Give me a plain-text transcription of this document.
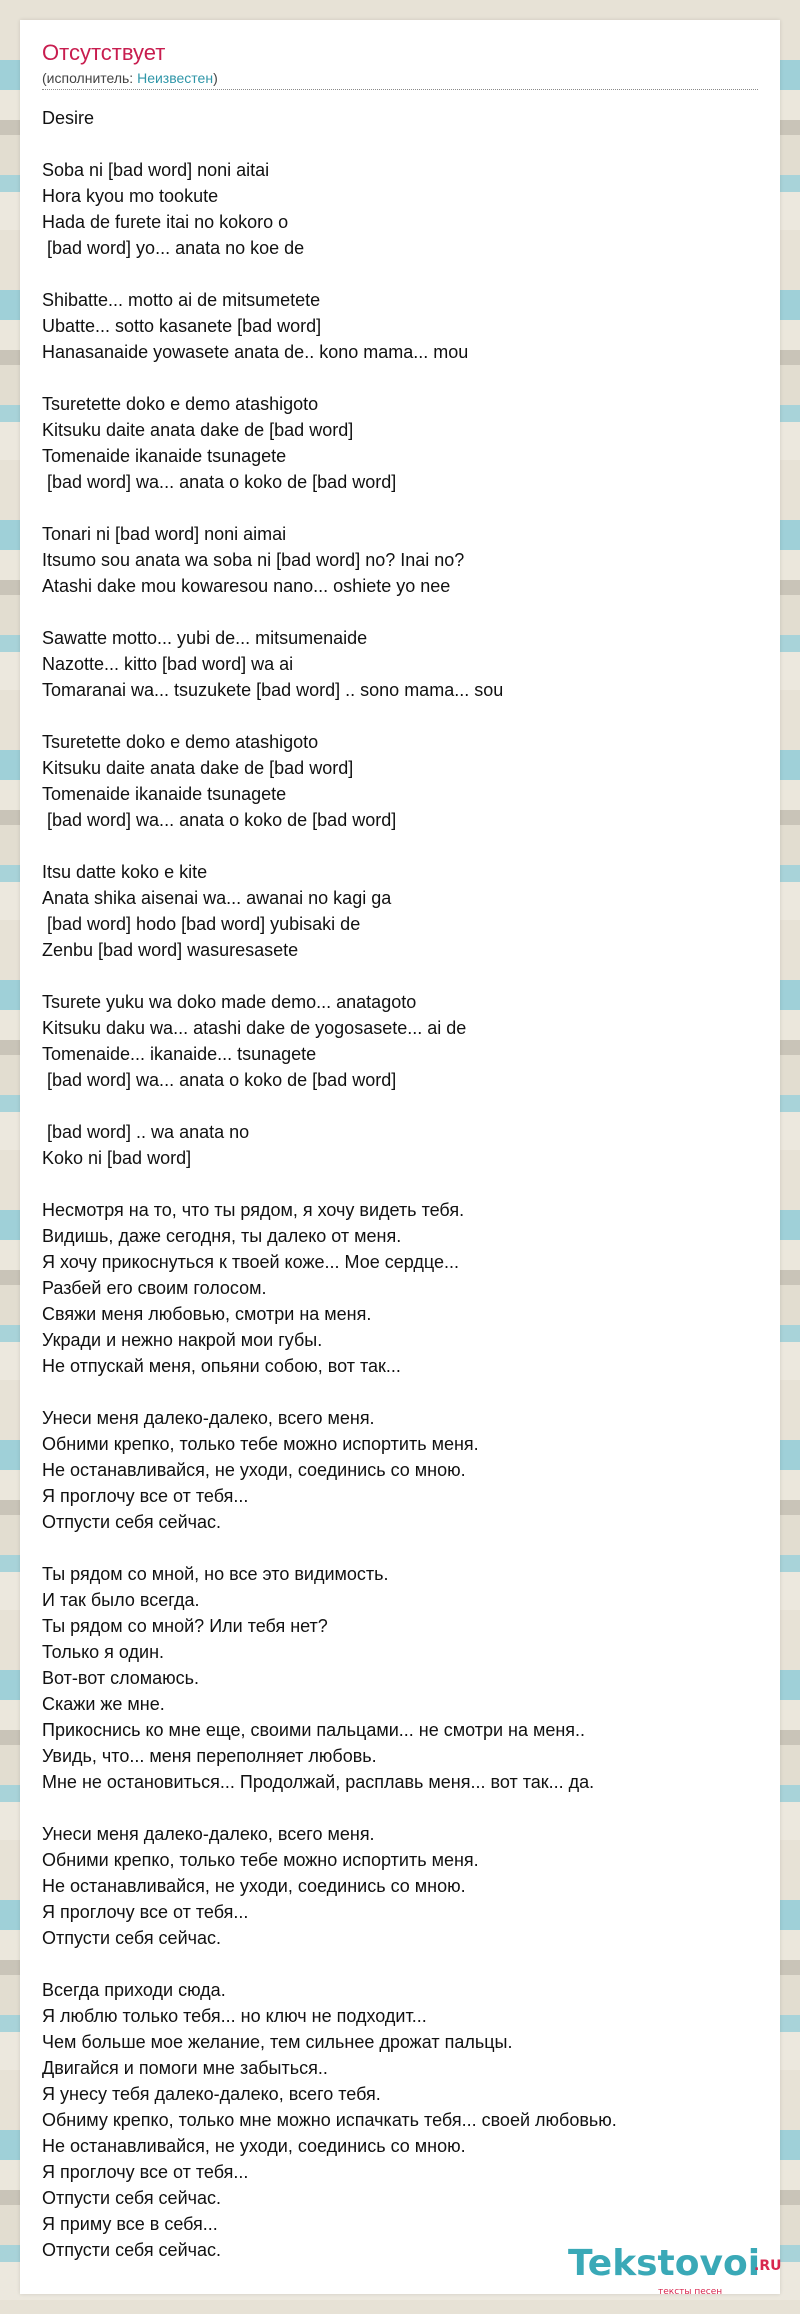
Отсутствует
(исполнитель: Неизвестен)
Desire
Soba ni [bad word] noni aitai
Hora kyou mo tookute
Hada de furete itai no kokoro o
[bad word] yo... anata no koe de
Shibatte... motto ai de mitsumetete
Ubatte... sotto kasanete [bad word]
Hanasanaide yowasete anata de.. kono mama... mou
Tsuretette doko e demo atashigoto
Kitsuku daite anata dake de [bad word]
Tomenaide ikanaide tsunagete
[bad word] wa... anata o koko de [bad word]
Tonari ni [bad word] noni aimai
Itsumo sou anata wa soba ni [bad word] no? Inai no?
Atashi dake mou kowaresou nano... oshiete yo nee
Sawatte motto... yubi de... mitsumenaide
Nazotte... kitto [bad word] wa ai
Tomaranai wa... tsuzukete [bad word] .. sono mama... sou
Tsuretette doko e demo atashigoto
Kitsuku daite anata dake de [bad word]
Tomenaide ikanaide tsunagete
[bad word] wa... anata o koko de [bad word]
Itsu datte koko e kite
Anata shika aisenai wa... awanai no kagi ga
[bad word] hodo [bad word] yubisaki de
Zenbu [bad word] wasuresasete
Tsurete yuku wa doko made demo... anatagoto
Kitsuku daku wa... atashi dake de yogosasete... ai de
Tomenaide... ikanaide... tsunagete
[bad word] wa... anata o koko de [bad word]
[bad word] .. wa anata no
Koko ni [bad word]
Несмотря на то, что ты рядом, я хочу видеть тебя.
Видишь, даже сегодня, ты далеко от меня.
Я хочу прикоснуться к твоей коже... Мое сердце...
Разбей его своим голосом.
Свяжи меня любовью, смотри на меня.
Укради и нежно накрой мои губы.
Не отпускай меня, опьяни собою, вот так...
Унеси меня далеко-далеко, всего меня.
Обними крепко, только тебе можно испортить меня.
Не останавливайся, не уходи, соединись со мною.
Я проглочу все от тебя...
Отпусти себя сейчас.
Ты рядом со мной, но все это видимость.
И так было всегда.
Ты рядом со мной? Или тебя нет?
Только я один.
Вот-вот сломаюсь.
Скажи же мне.
Прикоснись ко мне еще, своими пальцами... не смотри на меня..
Увидь, что... меня переполняет любовь.
Мне не остановиться... Продолжай, расплавь меня... вот так... да.
Унеси меня далеко-далеко, всего меня.
Обними крепко, только тебе можно испортить меня.
Не останавливайся, не уходи, соединись со мною.
Я проглочу все от тебя...
Отпусти себя сейчас.
Всегда приходи сюда.
Я люблю только тебя... но ключ не подходит...
Чем больше мое желание, тем сильнее дрожат пальцы.
Двигайся и помоги мне забыться..
Я унесу тебя далеко-далеко, всего тебя.
Обниму крепко, только мне можно испачкать тебя... своей любовью.
Не останавливайся, не уходи, соединись со мною.
Я проглочу все от тебя...
Отпусти себя сейчас.
Я приму все в себя...
Отпусти себя сейчас.	Tekstovoi
.RU
тексты песен
